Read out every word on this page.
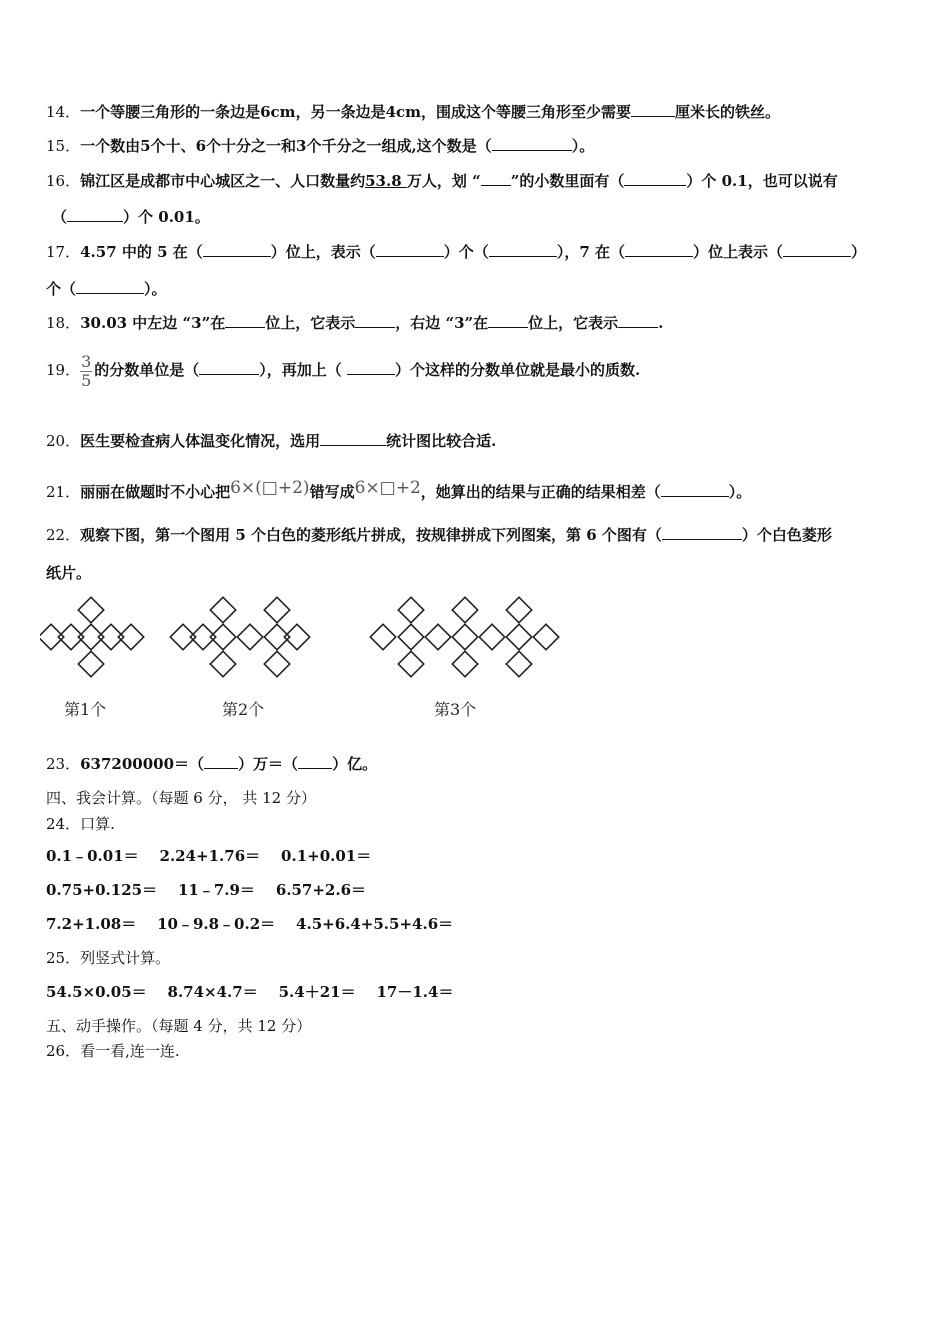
14．一个等腰三角形的一条边是6cm，另一条边是4cm，围成这个等腰三角形至少需要	厘米长的铁丝。
15．一个数由5个十、6个十分之一和3个千分之一组成,这个数是（	）。
16．锦江区是成都市中心城区之一、人口数量约53.8 万人，划 “ ”的小数里面有（	）个 0.1，也可以说有
（	）个 0.01。
17．4.57 中的 5 在（	）位上，表示（	）个（	），7 在（	）位上表示（	）
个（	）。
18．30.03 中左边 “3”在	位上，它表示	，右边 “3”在	位上，它表示	.
19． $\frac{3}{5}$ 的分数单位是（	），再加上（	）个这样的分数单位就是最小的质数.
20．医生要检查病人体温变化情况，选用	统计图比较合适.
21．丽丽在做题时不小心把6×(□+2)错写成6×□+2，她算出的结果与正确的结果相差（	）。
22．观察下图，第一个图用 5 个白色的菱形纸片拼成，按规律拼成下列图案，第 6 个图有（	）个白色菱形
纸片。
第1个	第2个	第3个
23．637200000＝（ ）万＝（ ）亿。
四、我会计算。（每题 6 分， 共 12 分）
24．口算.
0.1﹣0.01＝    2.24+1.76＝    0.1+0.01＝
0.75+0.125＝    11﹣7.9＝    6.57+2.6＝
7.2+1.08＝    10﹣9.8﹣0.2＝    4.5+6.4+5.5+4.6＝
25．列竖式计算。
54.5×0.05＝    8.74×4.7＝    5.4＋21＝    17－1.4＝
五、动手操作。（每题 4 分，共 12 分）
26．看一看,连一连.
